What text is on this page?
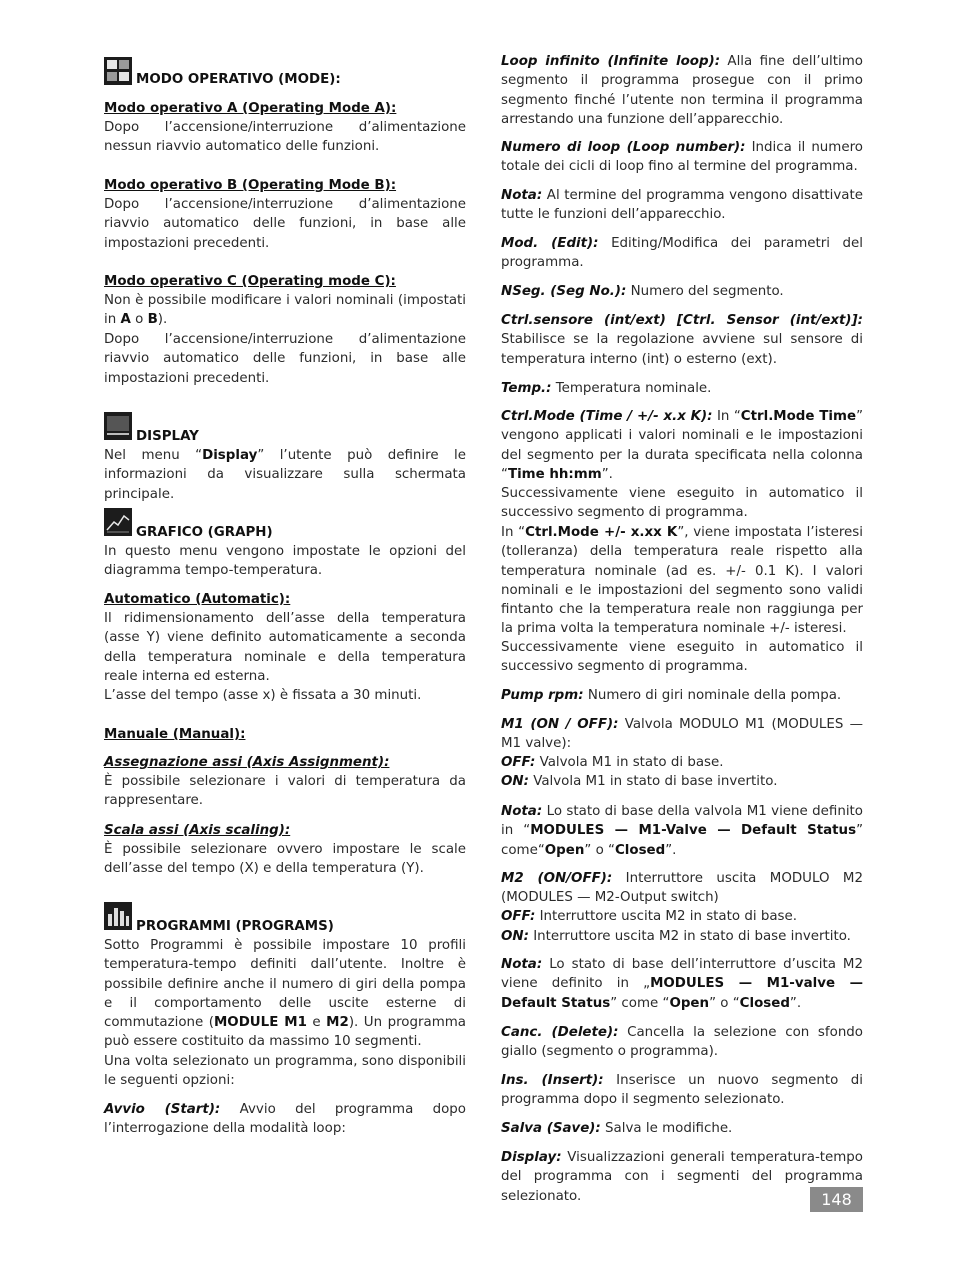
MODO OPERATIVO (MODE):
Modo operativo A (Operating Mode A):
Dopo l’accensione/interruzione d’alimentazione nessun riavvio automatico delle funzioni.
Modo operativo B (Operating Mode B):
Dopo l’accensione/interruzione d’alimentazione riavvio automatico delle funzioni, in base alle impostazioni precedenti.
Modo operativo C (Operating mode C):
Non è possibile modificare i valori nominali (impostati in A o B).
Dopo l’accensione/interruzione d’alimentazione riavvio automatico delle funzioni, in base alle impostazioni precedenti.
DISPLAY
Nel menu “Display” l’utente può definire le informazioni da visualizzare sulla schermata principale.
GRAFICO (GRAPH)
In questo menu vengono impostate le opzioni del diagramma tempo-temperatura.
Automatico (Automatic):
Il ridimensionamento dell’asse della temperatura (asse Y) viene definito automaticamente a seconda della temperatura nominale e della temperatura reale interna ed esterna.
L’asse del tempo (asse x) è fissata a 30 minuti.
Manuale (Manual):
Assegnazione assi (Axis Assignment):
È possibile selezionare i valori di temperatura da rappresentare.
Scala assi (Axis scaling):
È possibile selezionare ovvero impostare le scale dell’asse del tempo (X) e della temperatura (Y).
PROGRAMMI (PROGRAMS)
Sotto Programmi è possibile impostare 10 profili temperatura-tempo definiti dall’utente. Inoltre è possibile definire anche il numero di giri della pompa e il comportamento delle uscite esterne di commutazione (MODULE M1 e M2). Un programma può essere costituito da massimo 10 segmenti.
Una volta selezionato un programma, sono disponibili le seguenti opzioni:
Avvio (Start): Avvio del programma dopo l’interrogazione della modalità loop:
Loop infinito (Infinite loop): Alla fine dell’ultimo segmento il programma prosegue con il primo segmento finché l’utente non termina il programma arrestando una funzione dell’apparecchio.
Numero di loop (Loop number): Indica il numero totale dei cicli di loop fino al termine del programma.
Nota: Al termine del programma vengono disattivate tutte le funzioni dell’apparecchio.
Mod. (Edit): Editing/Modifica dei parametri del programma.
NSeg. (Seg No.): Numero del segmento.
Ctrl.sensore (int/ext) [Ctrl. Sensor (int/ext)]: Stabilisce se la regolazione avviene sul sensore di temperatura interno (int) o esterno (ext).
Temp.: Temperatura nominale.
Ctrl.Mode (Time / +/- x.x K): In “Ctrl.Mode Time” vengono applicati i valori nominali e le impostazioni del segmento per la durata specificata nella colonna “Time hh:mm”.
Successivamente viene eseguito in automatico il successivo segmento di programma.
In “Ctrl.Mode +/- x.xx K”, viene impostata l’isteresi (tolleranza) della temperatura reale rispetto alla temperatura nominale (ad es. +/- 0.1 K). I valori nominali e le impostazioni del segmento sono validi fintanto che la temperatura reale non raggiunga per la prima volta la temperatura nominale +/- isteresi.
Successivamente viene eseguito in automatico il successivo segmento di programma.
Pump rpm: Numero di giri nominale della pompa.
M1 (ON / OFF): Valvola MODULO M1 (MODULES — M1 valve):
OFF: Valvola M1 in stato di base.
ON: Valvola M1 in stato di base invertito.
Nota: Lo stato di base della valvola M1 viene definito in “MODULES — M1-Valve — Default Status” come“Open” o “Closed”.
M2 (ON/OFF): Interruttore uscita MODULO M2 (MODULES — M2-Output switch)
OFF: Interruttore uscita M2 in stato di base.
ON: Interruttore uscita M2 in stato di base invertito.
Nota: Lo stato di base dell’interruttore d’uscita M2 viene definito in „MODULES — M1-valve — Default Status” come “Open” o “Closed”.
Canc. (Delete): Cancella la selezione con sfondo giallo (segmento o programma).
Ins. (Insert): Inserisce un nuovo segmento di programma dopo il segmento selezionato.
Salva (Save): Salva le modifiche.
Display: Visualizzazioni generali temperatura-tempo del programma con i segmenti del programma selezionato.	148
